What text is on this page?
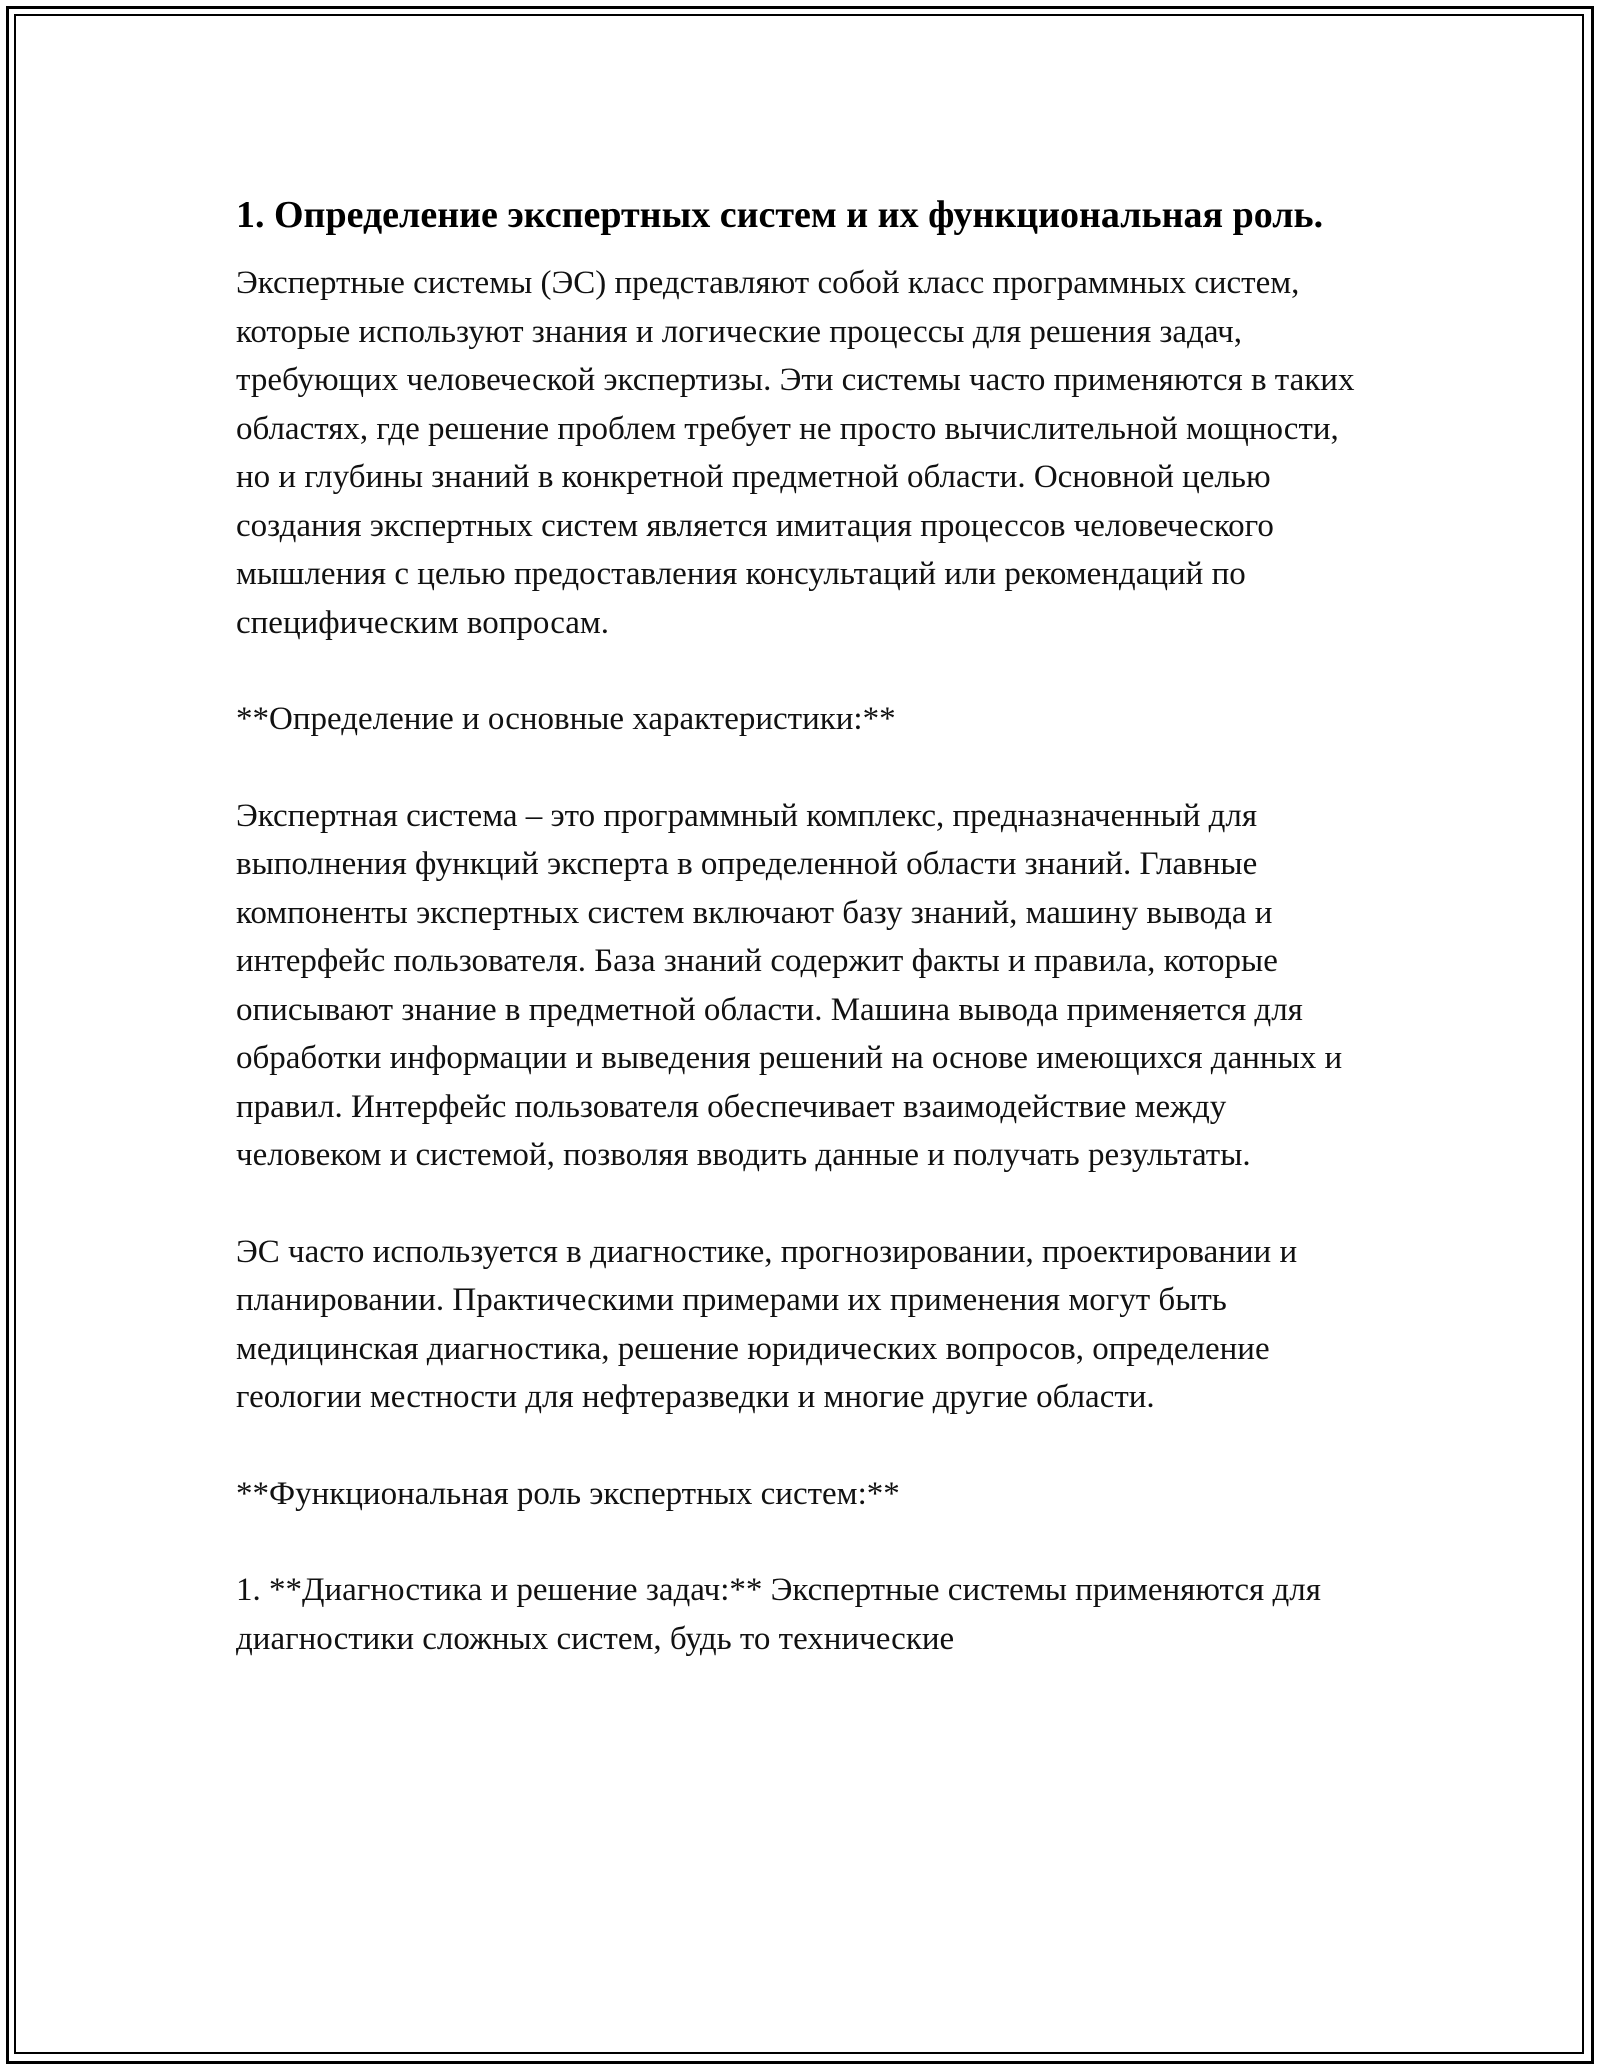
1. Определение экспертных систем и их функциональная роль.

Экспертные системы (ЭС) представляют собой класс программных систем, которые используют знания и логические процессы для решения задач, требующих человеческой экспертизы. Эти системы часто применяются в таких областях, где решение проблем требует не просто вычислительной мощности, но и глубины знаний в конкретной предметной области. Основной целью создания экспертных систем является имитация процессов человеческого мышления с целью предоставления консультаций или рекомендаций по специфическим вопросам.

**Определение и основные характеристики:**

Экспертная система – это программный комплекс, предназначенный для выполнения функций эксперта в определенной области знаний. Главные компоненты экспертных систем включают базу знаний, машину вывода и интерфейс пользователя. База знаний содержит факты и правила, которые описывают знание в предметной области. Машина вывода применяется для обработки информации и выведения решений на основе имеющихся данных и правил. Интерфейс пользователя обеспечивает взаимодействие между человеком и системой, позволяя вводить данные и получать результаты.

ЭС часто используется в диагностике, прогнозировании, проектировании и планировании. Практическими примерами их применения могут быть медицинская диагностика, решение юридических вопросов, определение геологии местности для нефтеразведки и многие другие области.

**Функциональная роль экспертных систем:**

1. **Диагностика и решение задач:** Экспертные системы применяются для диагностики сложных систем, будь то технические
